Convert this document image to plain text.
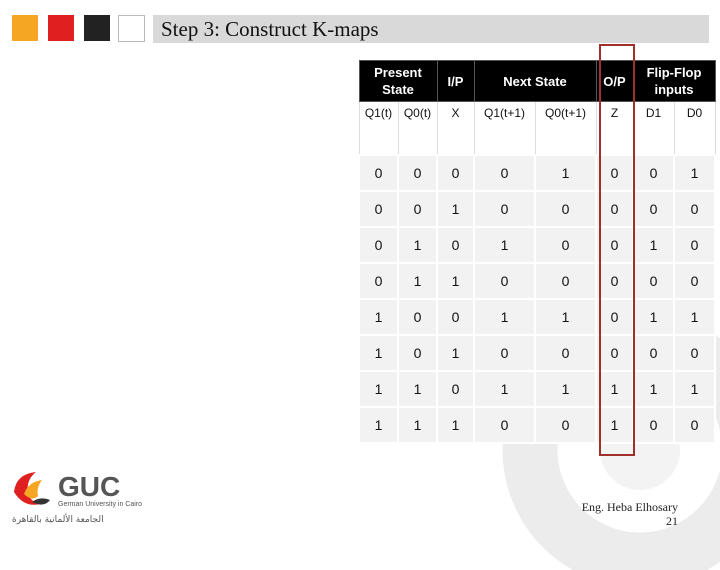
Step 3: Construct K-maps
Present State		I/P	Next State		O/P	Flip-Flop inputs	
Q1(t)	Q0(t)	X	Q1(t+1)	Q0(t+1)	Z	D1	D0
0	0	0	0	1	0	0	1
0	0	1	0	0	0	0	0
0	1	0	1	0	0	1	0
0	1	1	0	0	0	0	0
1	0	0	1	1	0	1	1
1	0	1	0	0	0	0	0
1	1	0	1	1	1	1	1
1	1	1	0	0	1	0	0
GUC
German University in Cairo
الجامعة الألمانية بالقاهرة
Eng. Heba Elhosary
21
